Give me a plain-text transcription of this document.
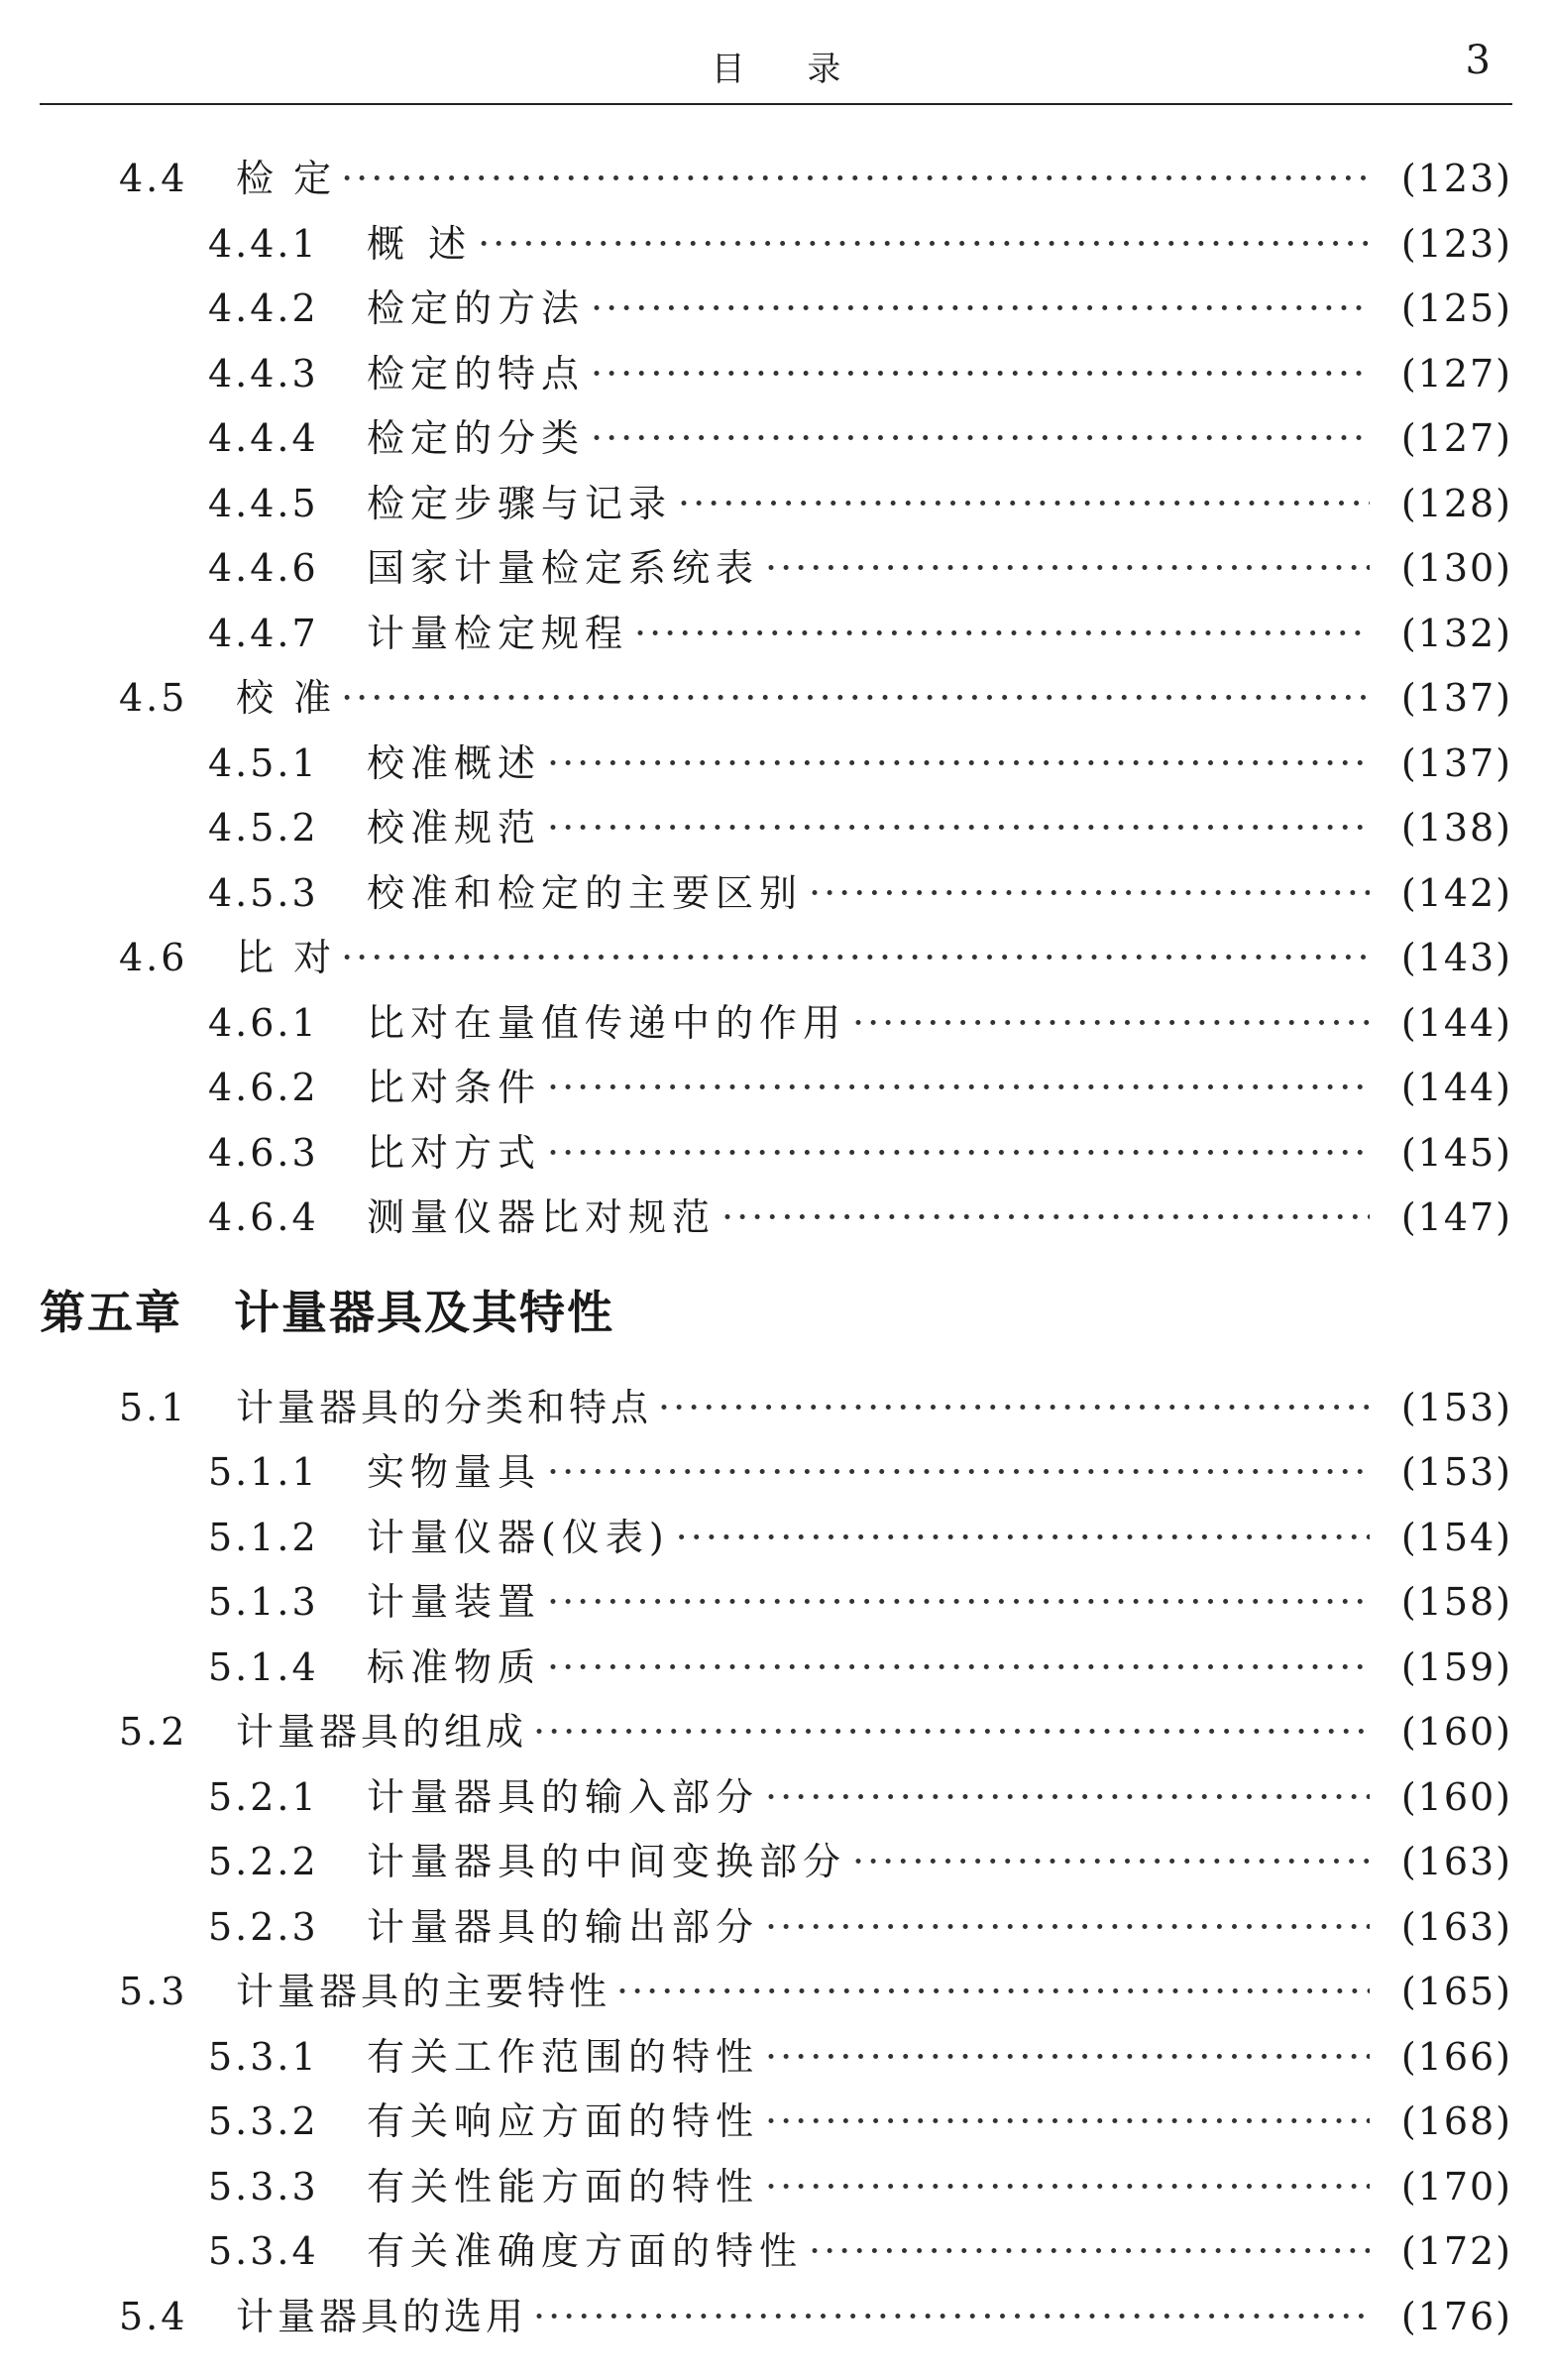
目 录	3
4.4	检 定 ·····	(123)
4.4.1	概 述 ·····	(123)
4.4.2	检定的方法 ·····	(125)
4.4.3	检定的特点 ·····	(127)
4.4.4	检定的分类 ·····	(127)
4.4.5	检定步骤与记录 ·····	(128)
4.4.6	国家计量检定系统表 ·····	(130)
4.4.7	计量检定规程 ·····	(132)
4.5	校 准 ·····	(137)
4.5.1	校准概述 ·····	(137)
4.5.2	校准规范 ·····	(138)
4.5.3	校准和检定的主要区别 ·····	(142)
4.6	比 对 ·····	(143)
4.6.1	比对在量值传递中的作用 ·····	(144)
4.6.2	比对条件 ·····	(144)
4.6.3	比对方式 ·····	(145)
4.6.4	测量仪器比对规范 ·····	(147)
第五章 计量器具及其特性
5.1	计量器具的分类和特点 ·····	(153)
5.1.1	实物量具 ·····	(153)
5.1.2	计量仪器(仪表) ·····	(154)
5.1.3	计量装置 ·····	(158)
5.1.4	标准物质 ·····	(159)
5.2	计量器具的组成 ·····	(160)
5.2.1	计量器具的输入部分 ·····	(160)
5.2.2	计量器具的中间变换部分 ·····	(163)
5.2.3	计量器具的输出部分 ·····	(163)
5.3	计量器具的主要特性 ·····	(165)
5.3.1	有关工作范围的特性 ·····	(166)
5.3.2	有关响应方面的特性 ·····	(168)
5.3.3	有关性能方面的特性 ·····	(170)
5.3.4	有关准确度方面的特性 ·····	(172)
5.4	计量器具的选用 ·····	(176)
